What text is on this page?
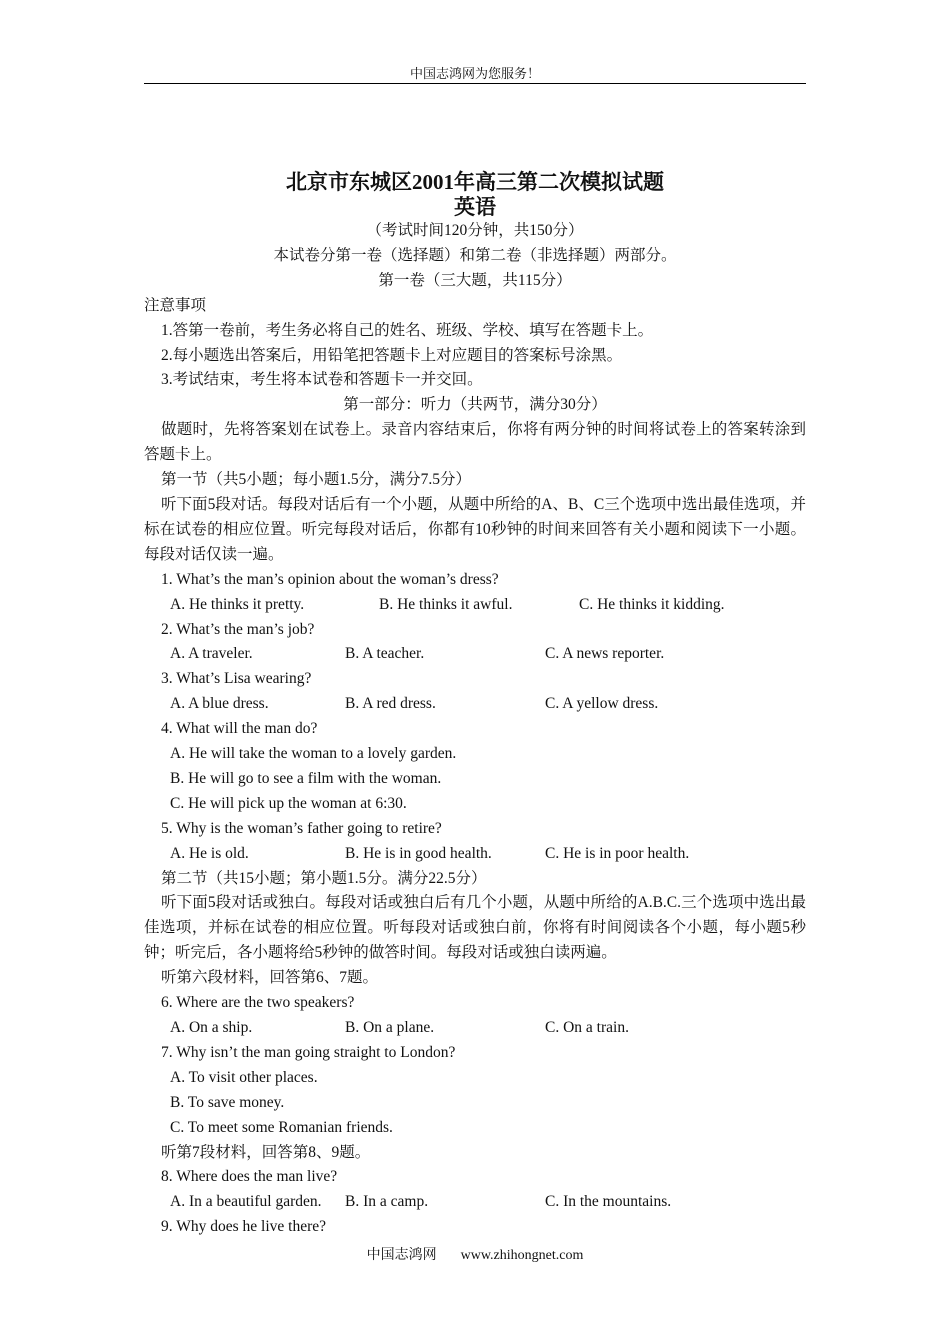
中国志鸿网为您服务！
北京市东城区2001年高三第二次模拟试题
英语
（考试时间120分钟，共150分）
本试卷分第一卷（选择题）和第二卷（非选择题）两部分。
第一卷（三大题，共115分）
注意事项
1.答第一卷前，考生务必将自己的姓名、班级、学校、填写在答题卡上。
2.每小题选出答案后，用铅笔把答题卡上对应题目的答案标号涂黑。
3.考试结束，考生将本试卷和答题卡一并交回。
第一部分：听力（共两节，满分30分）
做题时，先将答案划在试卷上。录音内容结束后，你将有两分钟的时间将试卷上的答案转涂到答题卡上。
第一节（共5小题；每小题1.5分，满分7.5分）
听下面5段对话。每段对话后有一个小题，从题中所给的A、B、C三个选项中选出最佳选项，并标在试卷的相应位置。听完每段对话后，你都有10秒钟的时间来回答有关小题和阅读下一小题。每段对话仅读一遍。
1. What’s the man’s opinion about the woman’s dress?
A. He thinks it pretty.	B. He thinks it awful.	C. He thinks it kidding.
2. What’s the man’s job?
A. A traveler.	B. A teacher.	C. A news reporter.
3. What’s Lisa wearing?
A. A blue dress.	B. A red dress.	C. A yellow dress.
4. What will the man do?
A. He will take the woman to a lovely garden.
B. He will go to see a film with the woman.
C. He will pick up the woman at 6:30.
5. Why is the woman’s father going to retire?
A. He is old.	B. He is in good health.	C. He is in poor health.
第二节（共15小题；第小题1.5分。满分22.5分）
听下面5段对话或独白。每段对话或独白后有几个小题，从题中所给的A.B.C.三个选项中选出最佳选项，并标在试卷的相应位置。听每段对话或独白前，你将有时间阅读各个小题，每小题5秒钟；听完后，各小题将给5秒钟的做答时间。每段对话或独白读两遍。
听第六段材料，回答第6、7题。
6. Where are the two speakers?
A. On a ship.	B. On a plane.	C. On a train.
7. Why isn’t the man going straight to London?
A. To visit other places.
B. To save money.
C. To meet some Romanian friends.
听第7段材料，回答第8、9题。
8. Where does the man live?
A. In a beautiful garden.	B. In a camp.	C. In the mountains.
9. Why does he live there?
中国志鸿网 www.zhihongnet.com
